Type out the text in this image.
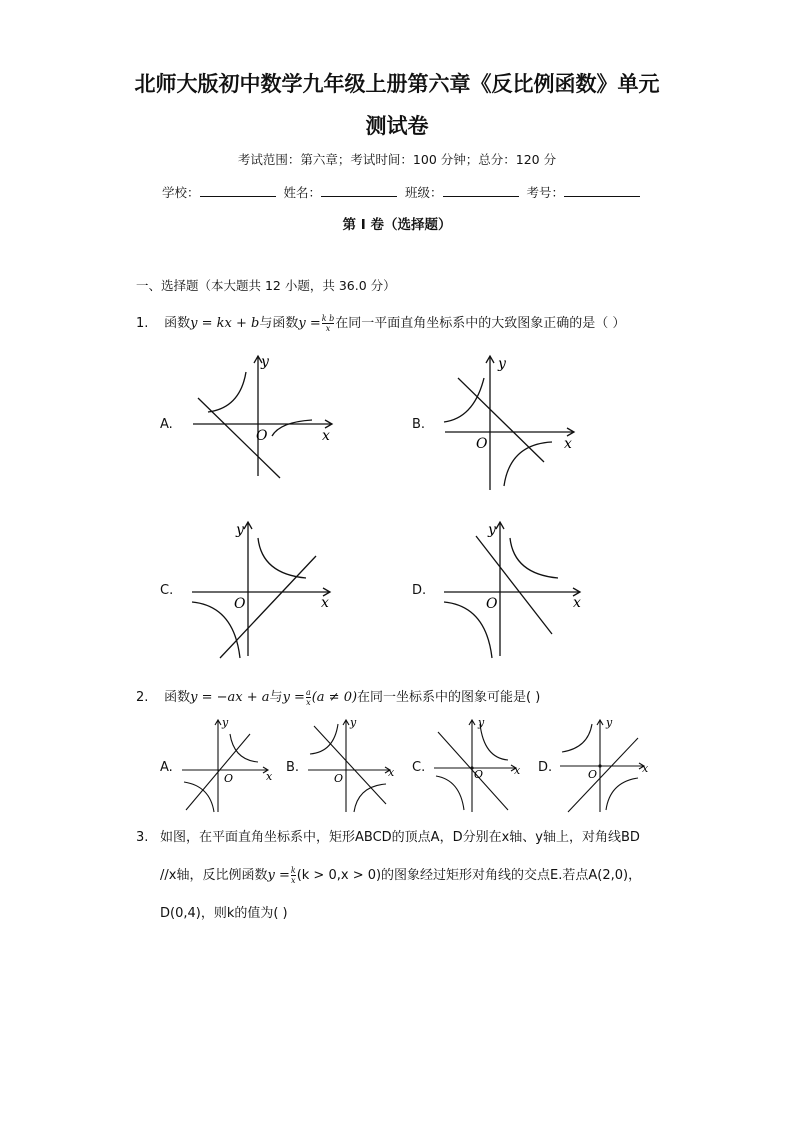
北师大版初中数学九年级上册第六章《反比例函数》单元
测试卷
考试范围：第六章；考试时间：100 分钟；总分：120 分
学校：	姓名：	班级：	考号：
第 I 卷（选择题）
一、选择题（本大题共 12 小题，共 36.0 分）
1. 函数y = kx + b与函数$y = \frac{\text{k b}}{x}$ 在同一平面直角坐标系中的大致图象正确的是（ ）
A.	B.
C.	D.
y
x
O
y
x
O
y
x
O
y
x
O
2. 函数y = −ax + a与$y = \frac{a}{x} (a \ne 0)$在同一坐标系中的图象可能是( )
A.	B.	C.	D.
y
x
O
y
x
O
y
x
O
y
x
O
3. 如图，在平面直角坐标系中，矩形ABCD的顶点A，D分别在x轴、y轴上，对角线BD
//x轴，反比例函数$y = \frac{k}{x} (k > 0,x > 0)$的图象经过矩形对角线的交点E.若点A(2,0)，
D(0,4)，则k的值为( )
